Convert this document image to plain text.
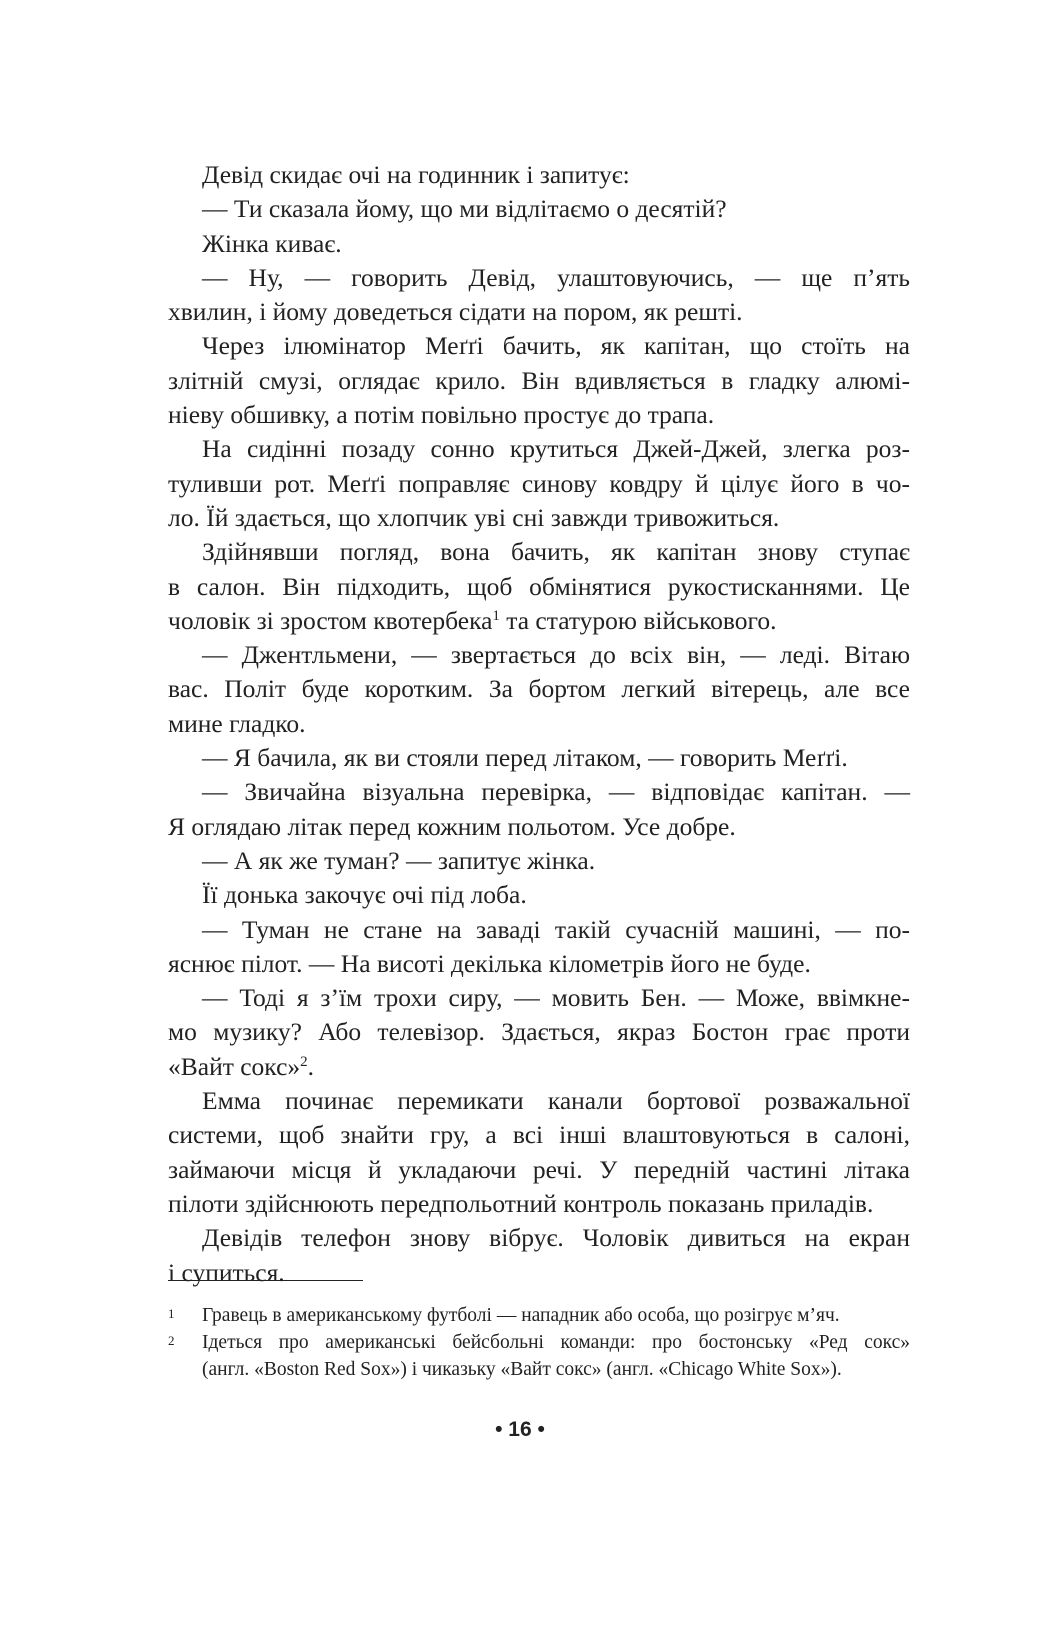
Девід скидає очі на годинник і запитує:
— Ти сказала йому, що ми відлітаємо о десятій?
Жінка киває.
— Ну, — говорить Девід, улаштовуючись, — ще п’ять
хвилин, і йому доведеться сідати на пором, як решті.
Через ілюмінатор Меґґі бачить, як капітан, що стоїть на
злітній смузі, оглядає крило. Він вдивляється в гладку алюмі-
ніеву обшивку, а потім повільно простує до трапа.
На сидінні позаду сонно крутиться Джей-Джей, злегка роз-
туливши рот. Меґґі поправляє синову ковдру й цілує його в чо-
ло. Їй здається, що хлопчик уві сні завжди тривожиться.
Здійнявши погляд, вона бачить, як капітан знову ступає
в салон. Він підходить, щоб обмінятися рукостисканнями. Це
чоловік зі зростом квотербека$^1$ та статурою військового.
— Джентльмени, — звертається до всіх він, — леді. Вітаю
вас. Політ буде коротким. За бортом легкий вітерець, але все
мине гладко.
— Я бачила, як ви стояли перед літаком, — говорить Меґґі.
— Звичайна візуальна перевірка, — відповідає капітан. —
Я оглядаю літак перед кожним польотом. Усе добре.
— А як же туман? — запитує жінка.
Її донька закочує очі під лоба.
— Туман не стане на заваді такій сучасній машині, — по-
яснює пілот. — На висоті декілька кілометрів його не буде.
— Тоді я з’їм трохи сиру, — мовить Бен. — Може, ввімкне-
мо музику? Або телевізор. Здається, якраз Бостон грає проти
«Вайт сокс»$^2$.
Емма починає перемикати канали бортової розважальної
системи, щоб знайти гру, а всі інші влаштовуються в салоні,
займаючи місця й укладаючи речі. У передній частині літака
пілоти здійснюють передпольотний контроль показань приладів.
Девідів телефон знову вібрує. Чоловік дивиться на екран
і супиться.
1 Гравець в американському футболі — нападник або особа, що розігрує м’яч.
2 Ідеться про американські бейсбольні команди: про бостонську «Ред сокс»
(англ. «Boston Red Sox») і чиказьку «Вайт сокс» (англ. «Chicago White Sox»).
• 16 •
